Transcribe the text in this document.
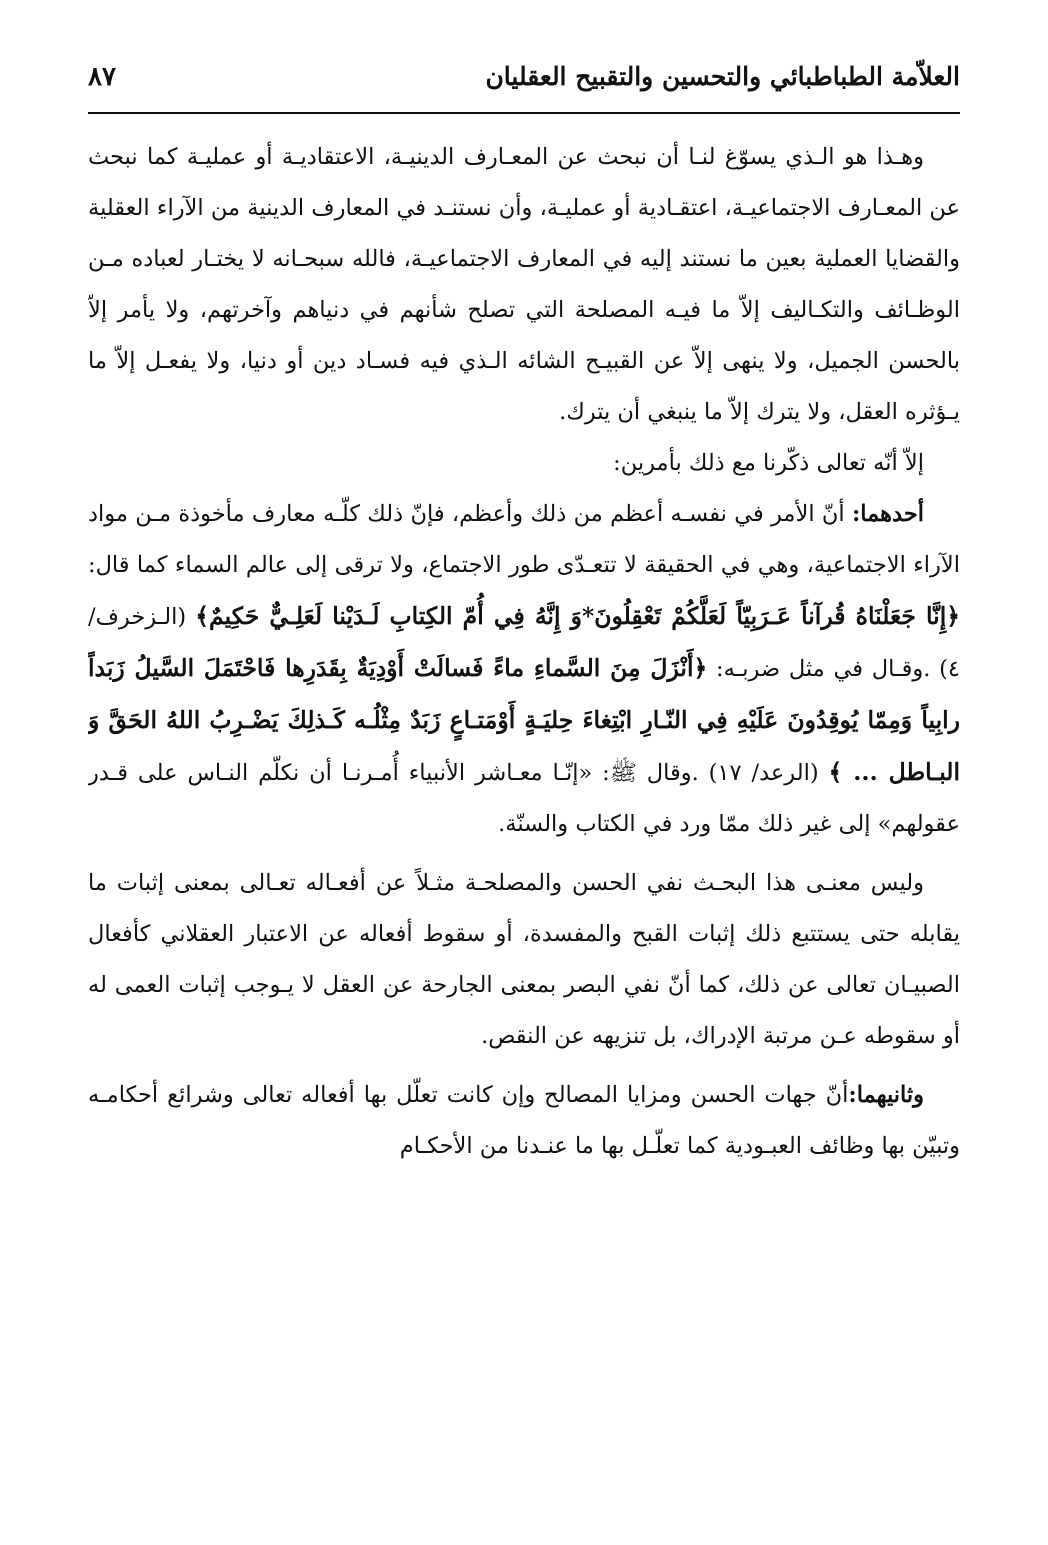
العلاّمة الطباطبائي والتحسين والتقبيح العقليان
٨٧

وهـذا هو الـذي يسوّغ لنـا أن نبحث عن المعـارف الدينيـة، الاعتقاديـة أو عمليـة كما نبحث عن المعـارف الاجتماعيـة، اعتقـادية أو عمليـة، وأن نستنـد في المعارف الدينية من الآراء العقلية والقضايا العملية بعين ما نستند إليه في المعارف الاجتماعيـة، فالله سبحـانه لا يختـار لعباده مـن الوظـائف والتكـاليف إلاّ ما فيـه المصلحة التي تصلح شأنهم في دنياهم وآخرتهم، ولا يأمر إلاّ بالحسن الجميل، ولا ينهى إلاّ عن القبيـح الشائه الـذي فيه فسـاد دين أو دنيا، ولا يفعـل إلاّ ما يـؤثره العقل، ولا يترك إلاّ ما ينبغي أن يترك.

إلاّ أنّه تعالى ذكّرنا مع ذلك بأمرين:

أحدهما: أنّ الأمر في نفسـه أعظم من ذلك وأعظم، فإنّ ذلك كلّـه معارف مأخوذة مـن مواد الآراء الاجتماعية، وهي في الحقيقة لا تتعـدّى طور الاجتماع، ولا ترقى إلى عالم السماء كما قال: ﴿إِنَّا جَعَلْنَاهُ قُرآناً عَـرَبِيّاً لَعَلَّكُمْ تَعْقِلُونَ*وَ إِنَّهُ فِي أُمّ الكِتابِ لَـدَيْنا لَعَلِـيٌّ حَكِيمٌ﴾ (الـزخرف/ ٤) .وقـال في مثل ضربـه: ﴿أَنْزَلَ مِنَ السَّماءِ ماءً فَسالَتْ أَوْدِيَةٌ بِقَدَرِها فَاحْتَمَلَ السَّيلُ زَبَداً رابِياً وَمِمّا يُوقِدُونَ عَلَيْهِ فِي النّـارِ ابْتِغاءَ حِليَـةٍ أَوْمَتـاعٍ زَبَدٌ مِثْلُـه كَـذلِكَ يَضْـرِبُ اللهُ الحَقَّ وَ البـاطل ... ﴾ (الرعد/ ١٧) .وقال ﷺ: «إنّـا معـاشر الأنبياء أُمـرنـا أن نكلّم النـاس على قـدر عقولهم» إلى غير ذلك ممّا ورد في الكتاب والسنّة.

وليس معنـى هذا البحـث نفي الحسن والمصلحـة مثـلاً عن أفعـاله تعـالى بمعنى إثبات ما يقابله حتى يستتبع ذلك إثبات القبح والمفسدة، أو سقوط أفعاله عن الاعتبار العقلاني كأفعال الصبيـان تعالى عن ذلك، كما أنّ نفي البصر بمعنى الجارحة عن العقل لا يـوجب إثبات العمى له أو سقوطه عـن مرتبة الإدراك، بل تنزيهه عن النقص.

وثانيهما:أنّ جهات الحسن ومزايا المصالح وإن كانت تعلّل بها أفعاله تعالى وشرائع أحكامـه وتبيّن بها وظائف العبـودية كما تعلّـل بها ما عنـدنا من الأحكـام
